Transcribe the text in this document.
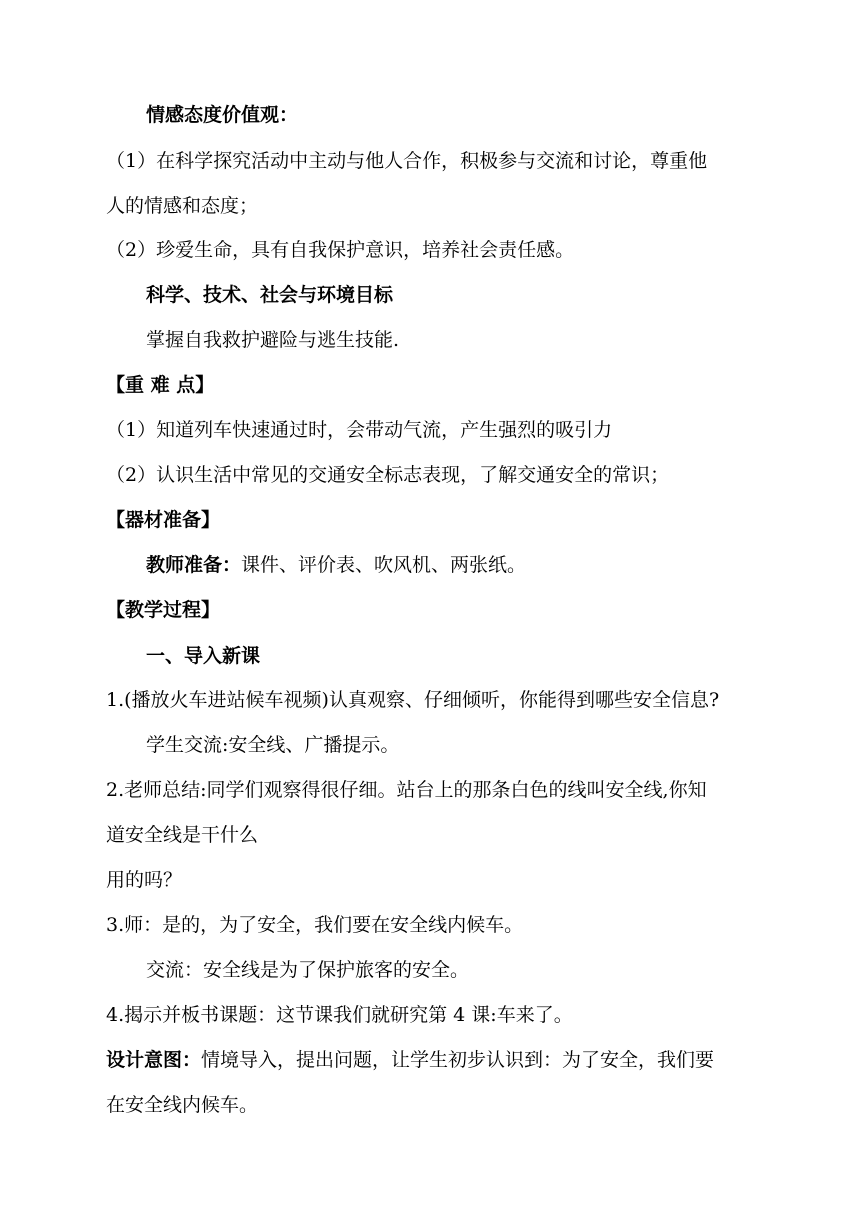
情感态度价值观：
（1）在科学探究活动中主动与他人合作，积极参与交流和讨论，尊重他
人的情感和态度；
（2）珍爱生命，具有自我保护意识，培养社会责任感。
科学、技术、社会与环境目标
掌握自我救护避险与逃生技能.
【重 难 点】
（1）知道列车快速通过时，会带动气流，产生强烈的吸引力
（2）认识生活中常见的交通安全标志表现，了解交通安全的常识；
【器材准备】
教师准备：课件、评价表、吹风机、两张纸。
【教学过程】
一、导入新课
1.(播放火车进站候车视频)认真观察、仔细倾听，你能得到哪些安全信息?
学生交流:安全线、广播提示。
2.老师总结:同学们观察得很仔细。站台上的那条白色的线叫安全线,你知
道安全线是干什么
用的吗？
3.师：是的，为了安全，我们要在安全线内候车。
交流：安全线是为了保护旅客的安全。
4.揭示并板书课题：这节课我们就研究第 4 课:车来了。
设计意图：情境导入，提出问题，让学生初步认识到：为了安全，我们要
在安全线内候车。
